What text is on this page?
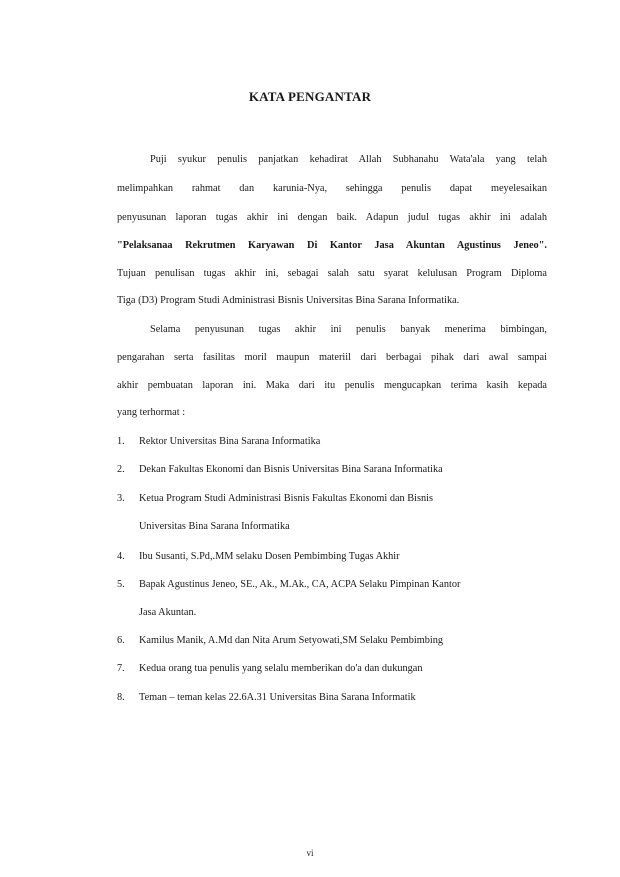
KATA PENGANTAR
Puji syukur penulis panjatkan kehadirat Allah Subhanahu Wata'ala yang telah
melimpahkan rahmat dan karunia-Nya, sehingga penulis dapat meyelesaikan
penyusunan laporan tugas akhir ini dengan baik. Adapun judul tugas akhir ini adalah
"Pelaksanaa Rekrutmen Karyawan Di Kantor Jasa Akuntan Agustinus Jeneo".
Tujuan penulisan tugas akhir ini, sebagai salah satu syarat kelulusan Program Diploma
Tiga (D3) Program Studi Administrasi Bisnis Universitas Bina Sarana Informatika.
Selama penyusunan tugas akhir ini penulis banyak menerima bimbingan,
pengarahan serta fasilitas moril maupun materiil dari berbagai pihak dari awal sampai
akhir pembuatan laporan ini. Maka dari itu penulis mengucapkan terima kasih kepada
yang terhormat :
1.	Rektor Universitas Bina Sarana Informatika
2.	Dekan Fakultas Ekonomi dan Bisnis Universitas Bina Sarana Informatika
3.	Ketua Program Studi Administrasi Bisnis Fakultas Ekonomi dan Bisnis
Universitas Bina Sarana Informatika
4.	Ibu Susanti, S.Pd,.MM selaku Dosen Pembimbing Tugas Akhir
5.	Bapak Agustinus Jeneo, SE., Ak., M.Ak., CA, ACPA Selaku Pimpinan Kantor
Jasa Akuntan.
6.	Kamilus Manik, A.Md dan Nita Arum Setyowati,SM Selaku Pembimbing
7.	Kedua orang tua penulis yang selalu memberikan do'a dan dukungan
8.	Teman – teman kelas 22.6A.31 Universitas Bina Sarana Informatik
vi
